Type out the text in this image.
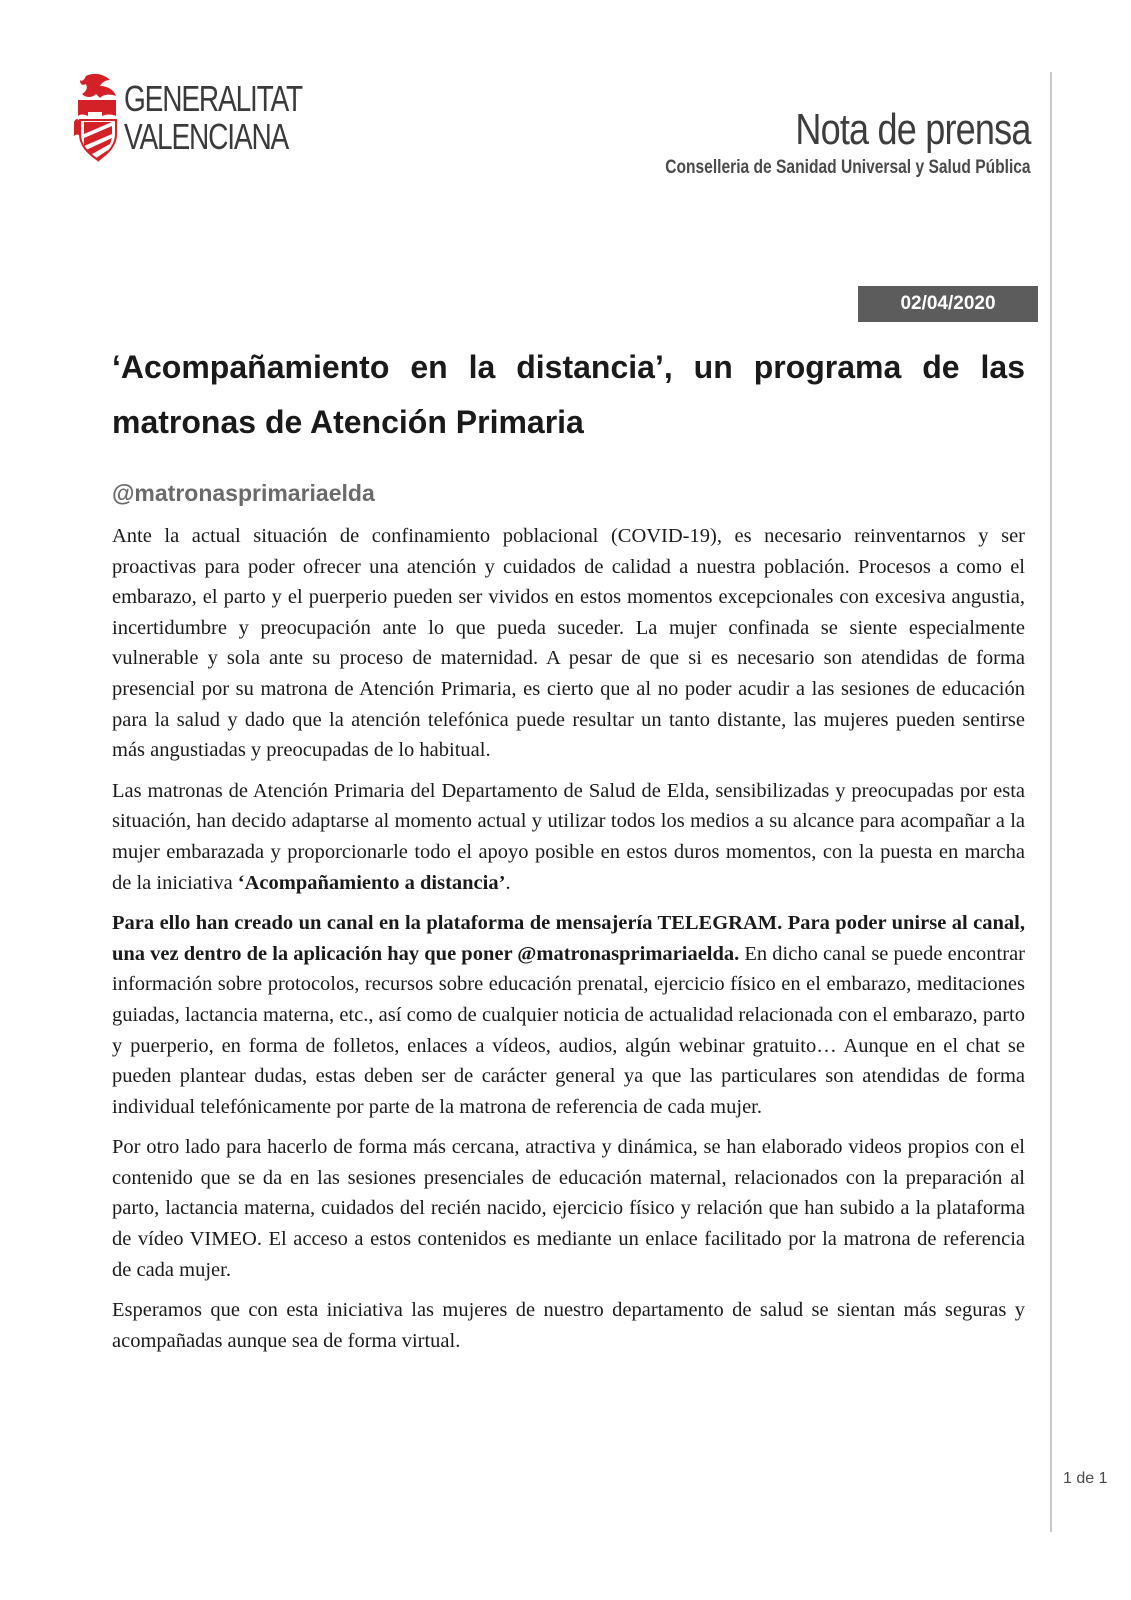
GENERALITAT
VALENCIANA	Nota de prensa
Conselleria de Sanidad Universal y Salud Pública
02/04/2020
‘Acompañamiento en la distancia’, un programa de las matronas de Atención Primaria
@matronasprimariaelda

Ante la actual situación de confinamiento poblacional (COVID-19), es necesario reinventarnos y ser proactivas para poder ofrecer una atención y cuidados de calidad a nuestra población. Procesos a como el embarazo, el parto y el puerperio pueden ser vividos en estos momentos excepcionales con excesiva angustia, incertidumbre y preocupación ante lo que pueda suceder. La mujer confinada se siente especialmente vulnerable y sola ante su proceso de maternidad. A pesar de que si es necesario son atendidas de forma presencial por su matrona de Atención Primaria, es cierto que al no poder acudir a las sesiones de educación para la salud y dado que la atención telefónica puede resultar un tanto distante, las mujeres pueden sentirse más angustiadas y preocupadas de lo habitual.

Las matronas de Atención Primaria del Departamento de Salud de Elda, sensibilizadas y preocupadas por esta situación, han decido adaptarse al momento actual y utilizar todos los medios a su alcance para acompañar a la mujer embarazada y proporcionarle todo el apoyo posible en estos duros momentos, con la puesta en marcha de la iniciativa ‘Acompañamiento a distancia’.

Para ello han creado un canal en la plataforma de mensajería TELEGRAM. Para poder unirse al canal, una vez dentro de la aplicación hay que poner @matronasprimariaelda. En dicho canal se puede encontrar información sobre protocolos, recursos sobre educación prenatal, ejercicio físico en el embarazo, meditaciones guiadas, lactancia materna, etc., así como de cualquier noticia de actualidad relacionada con el embarazo, parto y puerperio, en forma de folletos, enlaces a vídeos, audios, algún webinar gratuito… Aunque en el chat se pueden plantear dudas, estas deben ser de carácter general ya que las particulares son atendidas de forma individual telefónicamente por parte de la matrona de referencia de cada mujer.

Por otro lado para hacerlo de forma más cercana, atractiva y dinámica, se han elaborado videos propios con el contenido que se da en las sesiones presenciales de educación maternal, relacionados con la preparación al parto, lactancia materna, cuidados del recién nacido, ejercicio físico y relación que han subido a la plataforma de vídeo VIMEO. El acceso a estos contenidos es mediante un enlace facilitado por la matrona de referencia de cada mujer.

Esperamos que con esta iniciativa las mujeres de nuestro departamento de salud se sientan más seguras y acompañadas aunque sea de forma virtual.

1 de 1
